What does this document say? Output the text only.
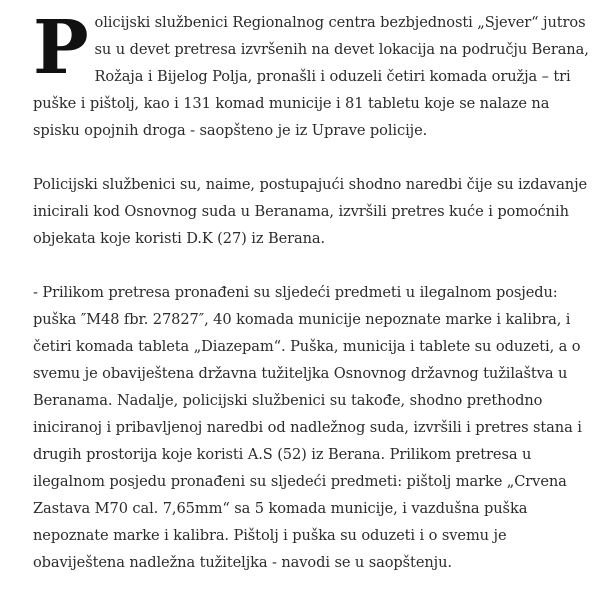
Policijski službenici Regionalnog centra bezbjednosti „Sjever“ jutros su u devet pretresa izvršenih na devet lokacija na području Berana, Rožaja i Bijelog Polja, pronašli i oduzeli četiri komada oružja – tri puške i pištolj, kao i 131 komad municije i 81 tabletu koje se nalaze na spisku opojnih droga - saopšteno je iz Uprave policije.

Policijski službenici su, naime, postupajući shodno naredbi čije su izdavanje inicirali kod Osnovnog suda u Beranama, izvršili pretres kuće i pomoćnih objekata koje koristi D.K (27) iz Berana.

- Prilikom pretresa pronađeni su sljedeći predmeti u ilegalnom posjedu: puška ″M48 fbr. 27827″, 40 komada municije nepoznate marke i kalibra, i četiri komada tableta „Diazepam“. Puška, municija i tablete su oduzeti, a o svemu je obaviještena državna tužiteljka Osnovnog državnog tužilaštva u Beranama. Nadalje, policijski službenici su takođe, shodno prethodno iniciranoj i pribavljenoj naredbi od nadležnog suda, izvršili i pretres stana i drugih prostorija koje koristi A.S (52) iz Berana. Prilikom pretresa u ilegalnom posjedu pronađeni su sljedeći predmeti: pištolj marke „Crvena Zastava M70 cal. 7,65mm“ sa 5 komada municije, i vazdušna puška nepoznate marke i kalibra. Pištolj i puška su oduzeti i o svemu je obaviještena nadležna tužiteljka - navodi se u saopštenju.
